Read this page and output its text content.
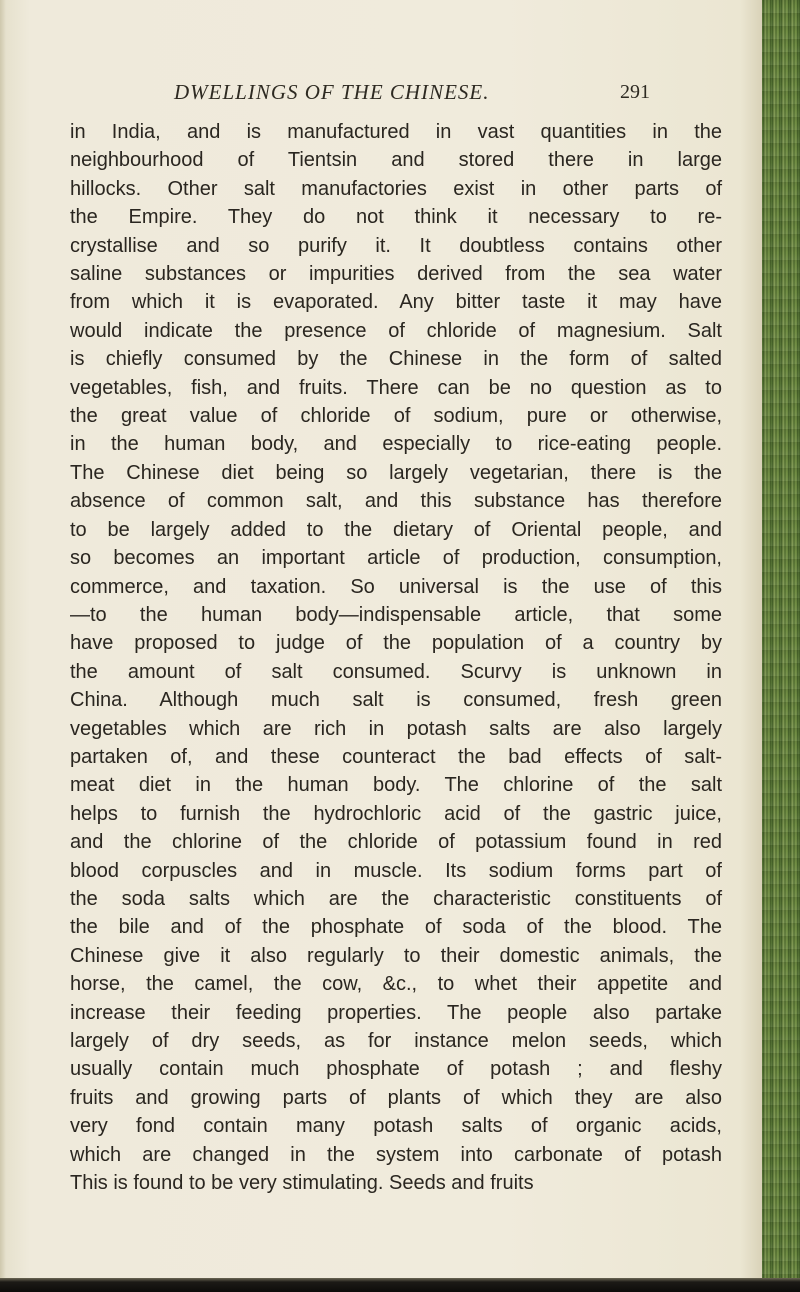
DWELLINGS OF THE CHINESE.	291
in India, and is manufactured in vast quantities in the
neighbourhood of Tientsin and stored there in large
hillocks. Other salt manufactories exist in other parts of
the Empire. They do not think it necessary to re-
crystallise and so purify it. It doubtless contains other
saline substances or impurities derived from the sea water
from which it is evaporated. Any bitter taste it may have
would indicate the presence of chloride of magnesium. Salt
is chiefly consumed by the Chinese in the form of salted
vegetables, fish, and fruits. There can be no question as to
the great value of chloride of sodium, pure or otherwise,
in the human body, and especially to rice-eating people.
The Chinese diet being so largely vegetarian, there is the
absence of common salt, and this substance has therefore
to be largely added to the dietary of Oriental people, and
so becomes an important article of production, consumption,
commerce, and taxation. So universal is the use of this
—to the human body—indispensable article, that some
have proposed to judge of the population of a country by
the amount of salt consumed. Scurvy is unknown in
China. Although much salt is consumed, fresh green
vegetables which are rich in potash salts are also largely
partaken of, and these counteract the bad effects of salt-
meat diet in the human body. The chlorine of the salt
helps to furnish the hydrochloric acid of the gastric juice,
and the chlorine of the chloride of potassium found in red
blood corpuscles and in muscle. Its sodium forms part of
the soda salts which are the characteristic constituents of
the bile and of the phosphate of soda of the blood. The
Chinese give it also regularly to their domestic animals, the
horse, the camel, the cow, &c., to whet their appetite and
increase their feeding properties. The people also partake
largely of dry seeds, as for instance melon seeds, which
usually contain much phosphate of potash ; and fleshy
fruits and growing parts of plants of which they are also
very fond contain many potash salts of organic acids,
which are changed in the system into carbonate of potash
This is found to be very stimulating. Seeds and fruits
